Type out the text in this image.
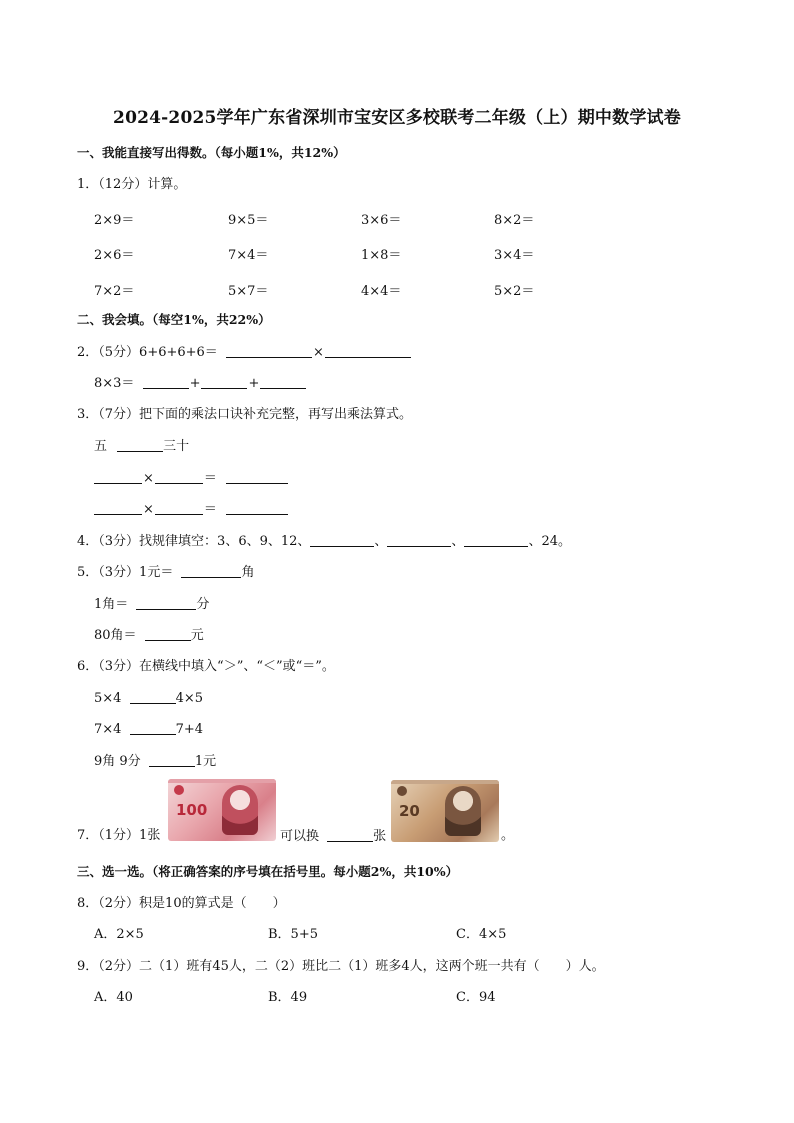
2024-2025学年广东省深圳市宝安区多校联考二年级（上）期中数学试卷
一、我能直接写出得数。（每小题1%，共12%）
1．（12分）计算。
2×9＝	9×5＝	3×6＝	8×2＝
2×6＝	7×4＝	1×8＝	3×4＝
7×2＝	5×7＝	4×4＝	5×2＝
二、我会填。（每空1%，共22%）
2．（5分）6+6+6+6＝	×
8×3＝	+	+
3．（7分）把下面的乘法口诀补充完整，再写出乘法算式。
五	三十
×	＝
×	＝
4．（3分）找规律填空：3、6、9、12、	、	、	、24。
5．（3分）1元＝	角
1角＝	分
80角＝	元
6．（3分）在横线中填入“＞”、“＜”或“＝”。
5×4	4×5
7×4	7+4
9角 9分	1元
100	20
7．（1分）1张	可以换	张	。
三、选一选。（将正确答案的序号填在括号里。每小题2%，共10%）
8．（2分）积是10的算式是（　　）
A．2×5	B．5+5	C．4×5
9．（2分）二（1）班有45人，二（2）班比二（1）班多4人，这两个班一共有（　　）人。
A．40	B．49	C．94
